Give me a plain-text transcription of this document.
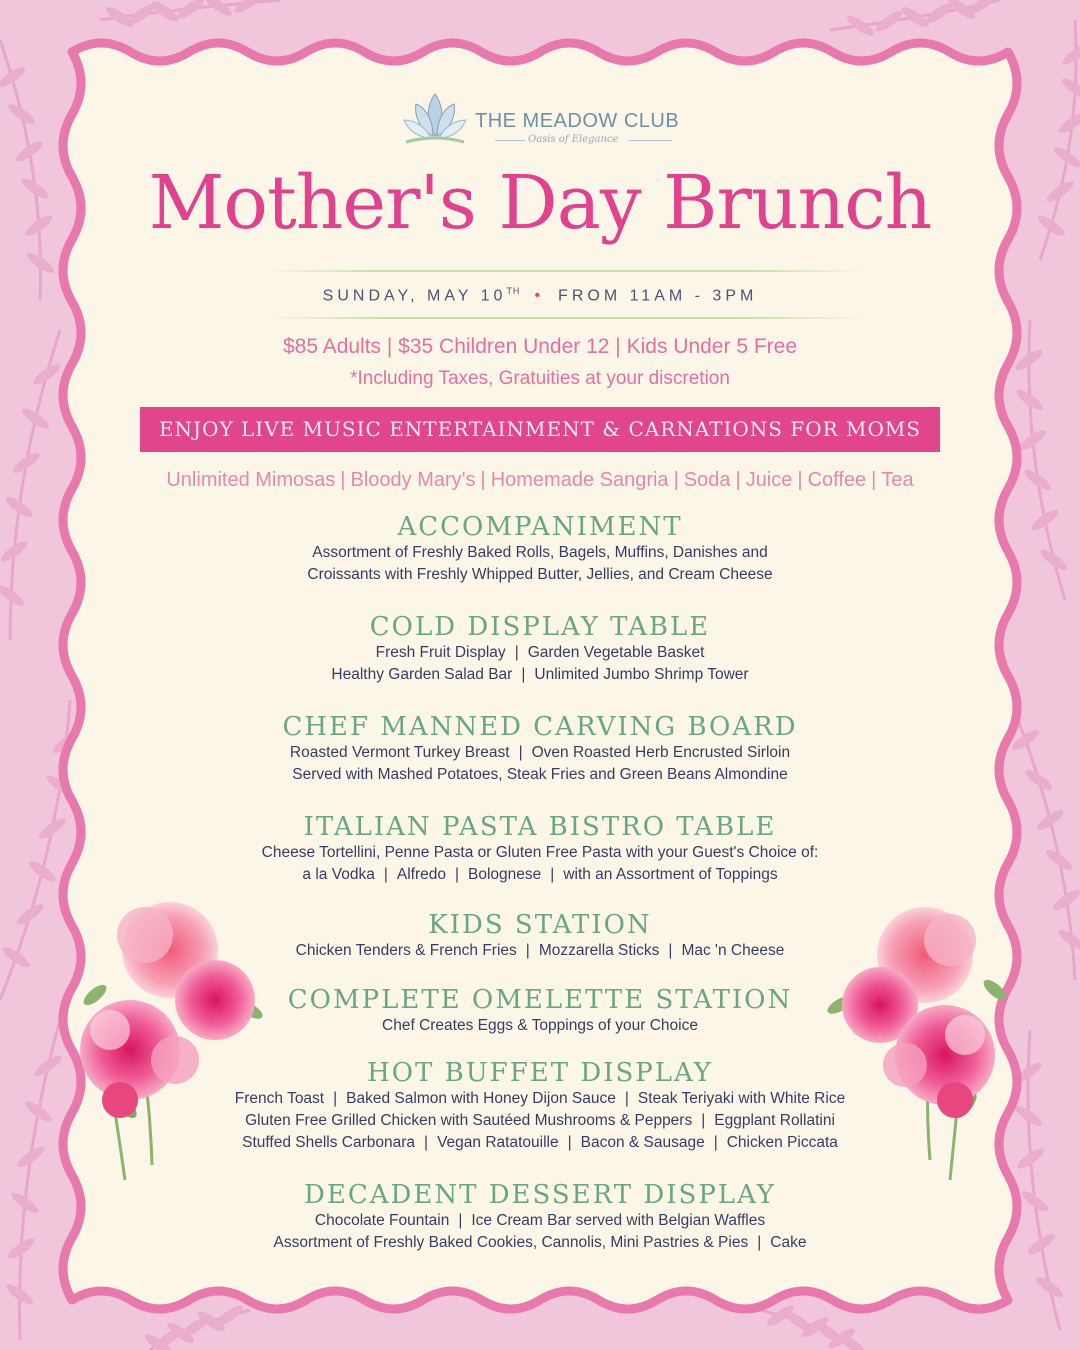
THE MEADOW CLUB
Oasis of Elegance
Mother's Day Brunch
SUNDAY, MAY 10TH • FROM 11AM - 3PM
$85 Adults | $35 Children Under 12 | Kids Under 5 Free
*Including Taxes, Gratuities at your discretion
ENJOY LIVE MUSIC ENTERTAINMENT & CARNATIONS FOR MOMS
Unlimited Mimosas | Bloody Mary's | Homemade Sangria | Soda | Juice | Coffee | Tea
ACCOMPANIMENT
Assortment of Freshly Baked Rolls, Bagels, Muffins, Danishes and
Croissants with Freshly Whipped Butter, Jellies, and Cream Cheese
COLD DISPLAY TABLE
Fresh Fruit Display | Garden Vegetable Basket
Healthy Garden Salad Bar | Unlimited Jumbo Shrimp Tower
CHEF MANNED CARVING BOARD
Roasted Vermont Turkey Breast | Oven Roasted Herb Encrusted Sirloin
Served with Mashed Potatoes, Steak Fries and Green Beans Almondine
ITALIAN PASTA BISTRO TABLE
Cheese Tortellini, Penne Pasta or Gluten Free Pasta with your Guest's Choice of:
a la Vodka | Alfredo | Bolognese | with an Assortment of Toppings
KIDS STATION
Chicken Tenders & French Fries | Mozzarella Sticks | Mac 'n Cheese
COMPLETE OMELETTE STATION
Chef Creates Eggs & Toppings of your Choice
HOT BUFFET DISPLAY
French Toast | Baked Salmon with Honey Dijon Sauce | Steak Teriyaki with White Rice
Gluten Free Grilled Chicken with Sautéed Mushrooms & Peppers | Eggplant Rollatini
Stuffed Shells Carbonara | Vegan Ratatouille | Bacon & Sausage | Chicken Piccata
DECADENT DESSERT DISPLAY
Chocolate Fountain | Ice Cream Bar served with Belgian Waffles
Assortment of Freshly Baked Cookies, Cannolis, Mini Pastries & Pies | Cake
